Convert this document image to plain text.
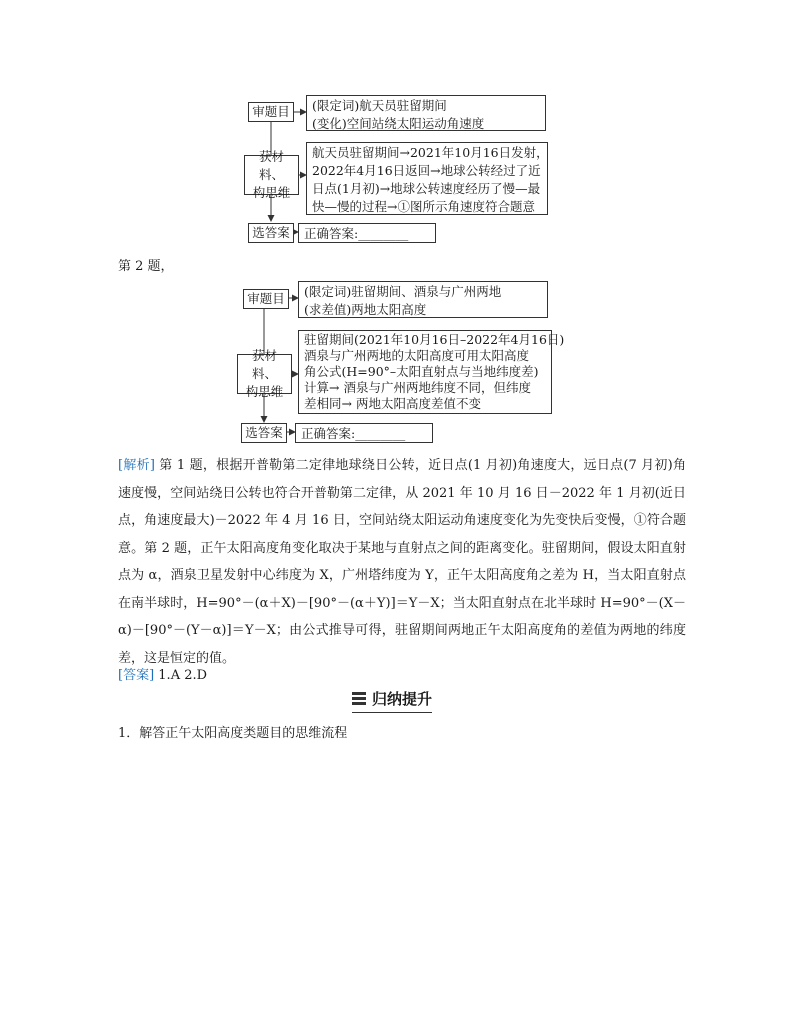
审题目 (限定词)航天员驻留期间
(变化)空间站绕太阳运动角速度
获材料、
构思维
航天员驻留期间→2021年10月16日发射，
2022年4月16日返回→地球公转经过了近
日点(1月初)→地球公转速度经历了慢—最
快—慢的过程→①图所示角速度符合题意
选答案 正确答案:________
第 2 题，
审题目 (限定词)驻留期间、酒泉与广州两地
(求差值)两地太阳高度
获材料、
构思维
驻留期间(2021年10月16日–2022年4月16日)
酒泉与广州两地的太阳高度可用太阳高度
角公式(H=90°–太阳直射点与当地纬度差)
计算→ 酒泉与广州两地纬度不同，但纬度
差相同→ 两地太阳高度差值不变
选答案 正确答案:________
[解析] 第 1 题，根据开普勒第二定律地球绕日公转，近日点(1 月初)角速度大，远日点(7 月初)角速度慢，空间站绕日公转也符合开普勒第二定律，从 2021 年 10 月 16 日－2022 年 1 月初(近日点，角速度最大)－2022 年 4 月 16 日，空间站绕太阳运动角速度变化为先变快后变慢，①符合题意。第 2 题，正午太阳高度角变化取决于某地与直射点之间的距离变化。驻留期间，假设太阳直射点为 α，酒泉卫星发射中心纬度为 X，广州塔纬度为 Y，正午太阳高度角之差为 H，当太阳直射点在南半球时，H=90°－(α＋X)－[90°－(α＋Y)]＝Y－X；当太阳直射点在北半球时 H=90°－(X－α)－[90°－(Y－α)]＝Y－X；由公式推导可得，驻留期间两地正午太阳高度角的差值为两地的纬度差，这是恒定的值。
[答案] 1.A 2.D
归纳提升
1．解答正午太阳高度类题目的思维流程
